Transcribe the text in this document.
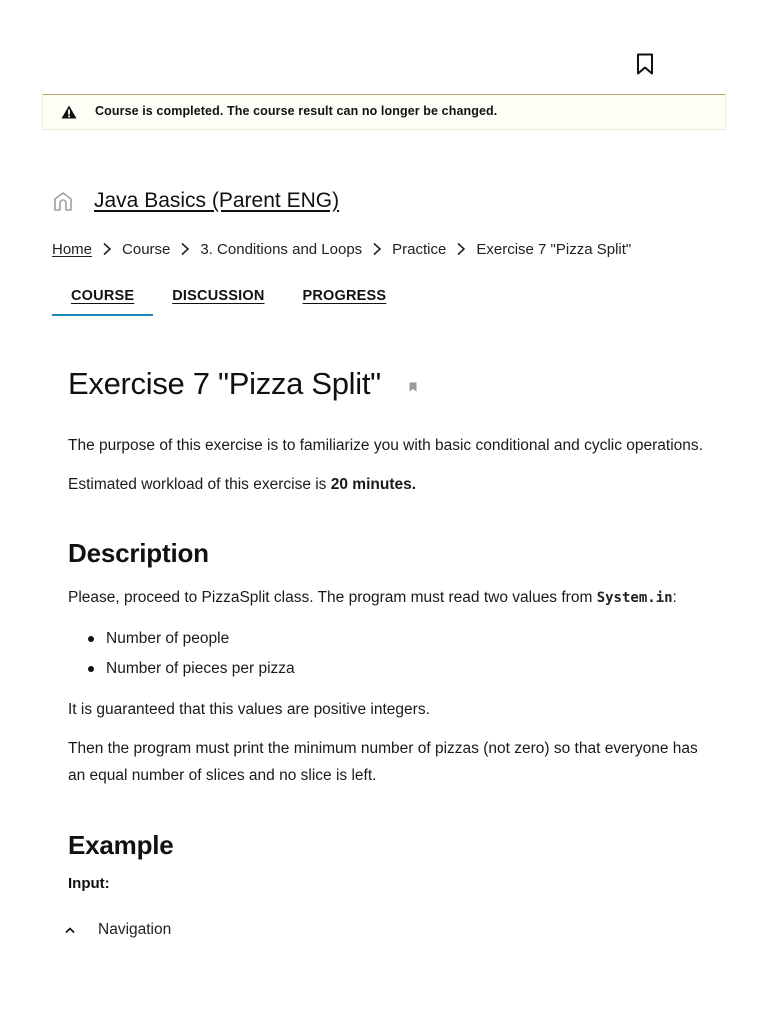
Course is completed. The course result can no longer be changed.
Java Basics (Parent ENG)
Home Course 3. Conditions and Loops Practice Exercise 7 "Pizza Split"
COURSE	DISCUSSION	PROGRESS
Exercise 7 "Pizza Split"

The purpose of this exercise is to familiarize you with basic conditional and cyclic operations.

Estimated workload of this exercise is 20 minutes.

Description

Please, proceed to PizzaSplit class. The program must read two values from System.in:

Number of people
Number of pieces per pizza

It is guaranteed that this values are positive integers.

Then the program must print the minimum number of pizzas (not zero) so that everyone has an equal number of slices and no slice is left.

Example
Input:
Navigation
